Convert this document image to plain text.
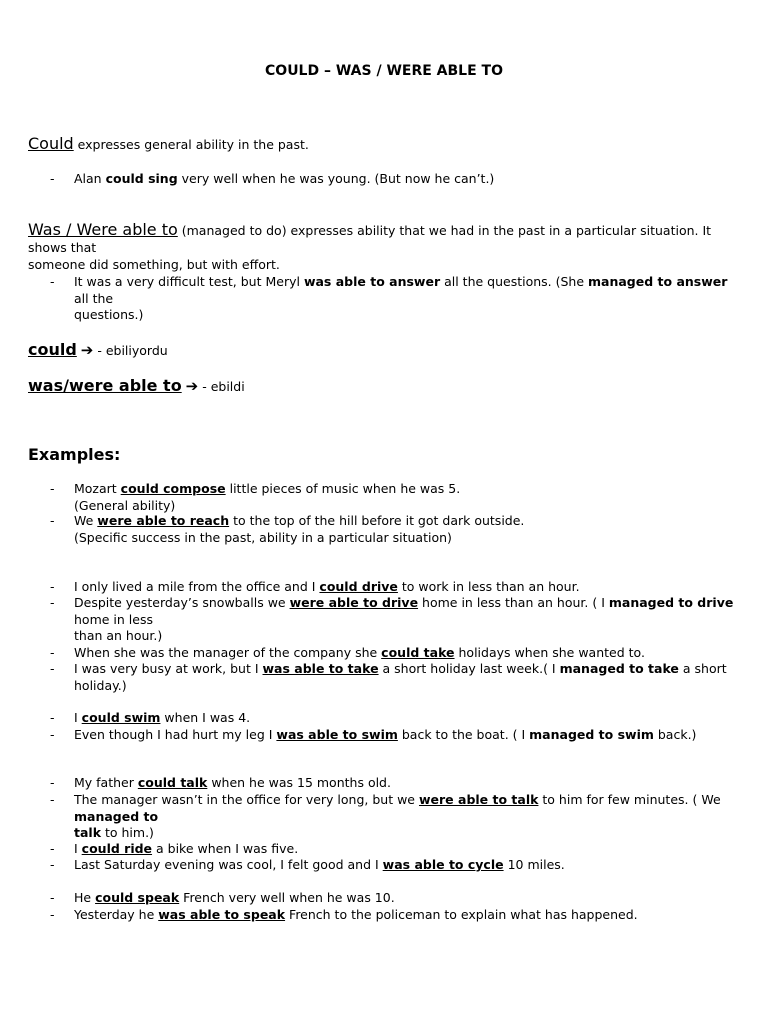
COULD – WAS / WERE ABLE TO
Could expresses general ability in the past.
- Alan could sing very well when he was young. (But now he can’t.)
Was / Were able to (managed to do) expresses ability that we had in the past in a particular situation. It shows that
someone did something, but with effort.
- It was a very difficult test, but Meryl was able to answer all the questions. (She managed to answer all the
questions.)
could ➔ - ebiliyordu
was/were able to ➔ - ebildi
Examples:
- Mozart could compose little pieces of music when he was 5.
(General ability)
- We were able to reach to the top of the hill before it got dark outside.
(Specific success in the past, ability in a particular situation)
- I only lived a mile from the office and I could drive to work in less than an hour.
- Despite yesterday’s snowballs we were able to drive home in less than an hour. ( I managed to drive home in less
than an hour.)
- When she was the manager of the company she could take holidays when she wanted to.
- I was very busy at work, but I was able to take a short holiday last week.( I managed to take a short holiday.)
- I could swim when I was 4.
- Even though I had hurt my leg I was able to swim back to the boat. ( I managed to swim back.)
- My father could talk when he was 15 months old.
- The manager wasn’t in the office for very long, but we were able to talk to him for few minutes. ( We managed to
talk to him.)
- I could ride a bike when I was five.
- Last Saturday evening was cool, I felt good and I was able to cycle 10 miles.
- He could speak French very well when he was 10.
- Yesterday he was able to speak French to the policeman to explain what has happened.
